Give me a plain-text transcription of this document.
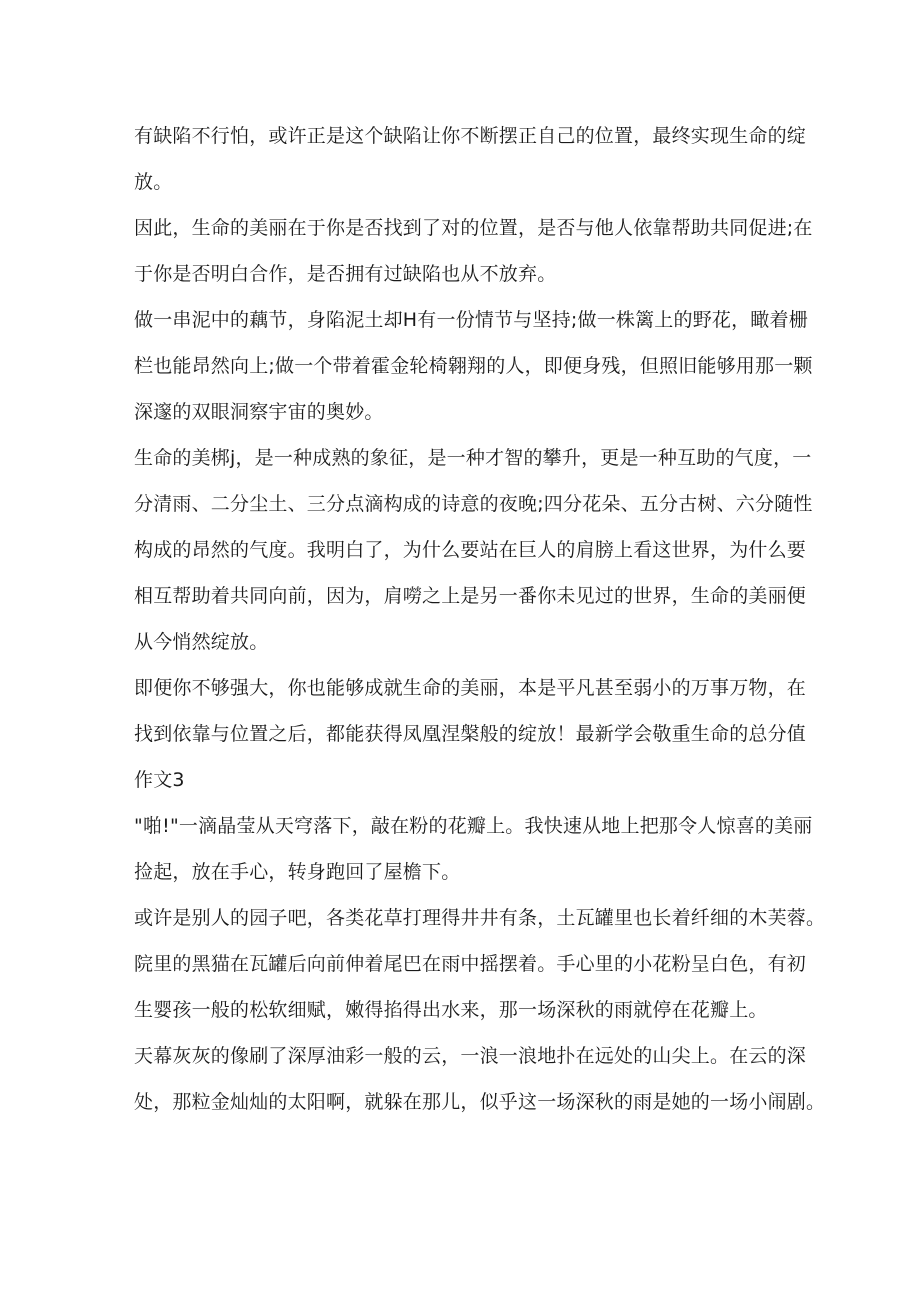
有缺陷不行怕，或许正是这个缺陷让你不断摆正自己的位置，最终实现生命的绽
放。
因此，生命的美丽在于你是否找到了对的位置，是否与他人依靠帮助共同促进;在
于你是否明白合作，是否拥有过缺陷也从不放弃。
做一串泥中的藕节，身陷泥土却H有一份情节与坚持;做一株篱上的野花，瞰着栅
栏也能昂然向上;做一个带着霍金轮椅翱翔的人，即便身残，但照旧能够用那一颗
深邃的双眼洞察宇宙的奥妙。
生命的美梆j，是一种成熟的象征，是一种才智的攀升，更是一种互助的气度，一
分清雨、二分尘土、三分点滴构成的诗意的夜晚;四分花朵、五分古树、六分随性
构成的昂然的气度。我明白了，为什么要站在巨人的肩膀上看这世界，为什么要
相互帮助着共同向前，因为，肩嘮之上是另一番你未见过的世界，生命的美丽便
从今悄然绽放。
即便你不够强大，你也能够成就生命的美丽，本是平凡甚至弱小的万事万物，在
找到依靠与位置之后，都能获得凤凰涅槃般的绽放！最新学会敬重生命的总分值
作文3
"啪!"一滴晶莹从天穹落下，敲在粉的花瓣上。我快速从地上把那令人惊喜的美丽
捡起，放在手心，转身跑回了屋檐下。
或许是别人的园子吧，各类花草打理得井井有条，土瓦罐里也长着纤细的木芙蓉。
院里的黑猫在瓦罐后向前伸着尾巴在雨中摇摆着。手心里的小花粉呈白色，有初
生婴孩一般的松软细赋，嫩得掐得出水来，那一场深秋的雨就停在花瓣上。
天幕灰灰的像刷了深厚油彩一般的云，一浪一浪地扑在远处的山尖上。在云的深
处，那粒金灿灿的太阳啊，就躲在那儿，似乎这一场深秋的雨是她的一场小闹剧。
